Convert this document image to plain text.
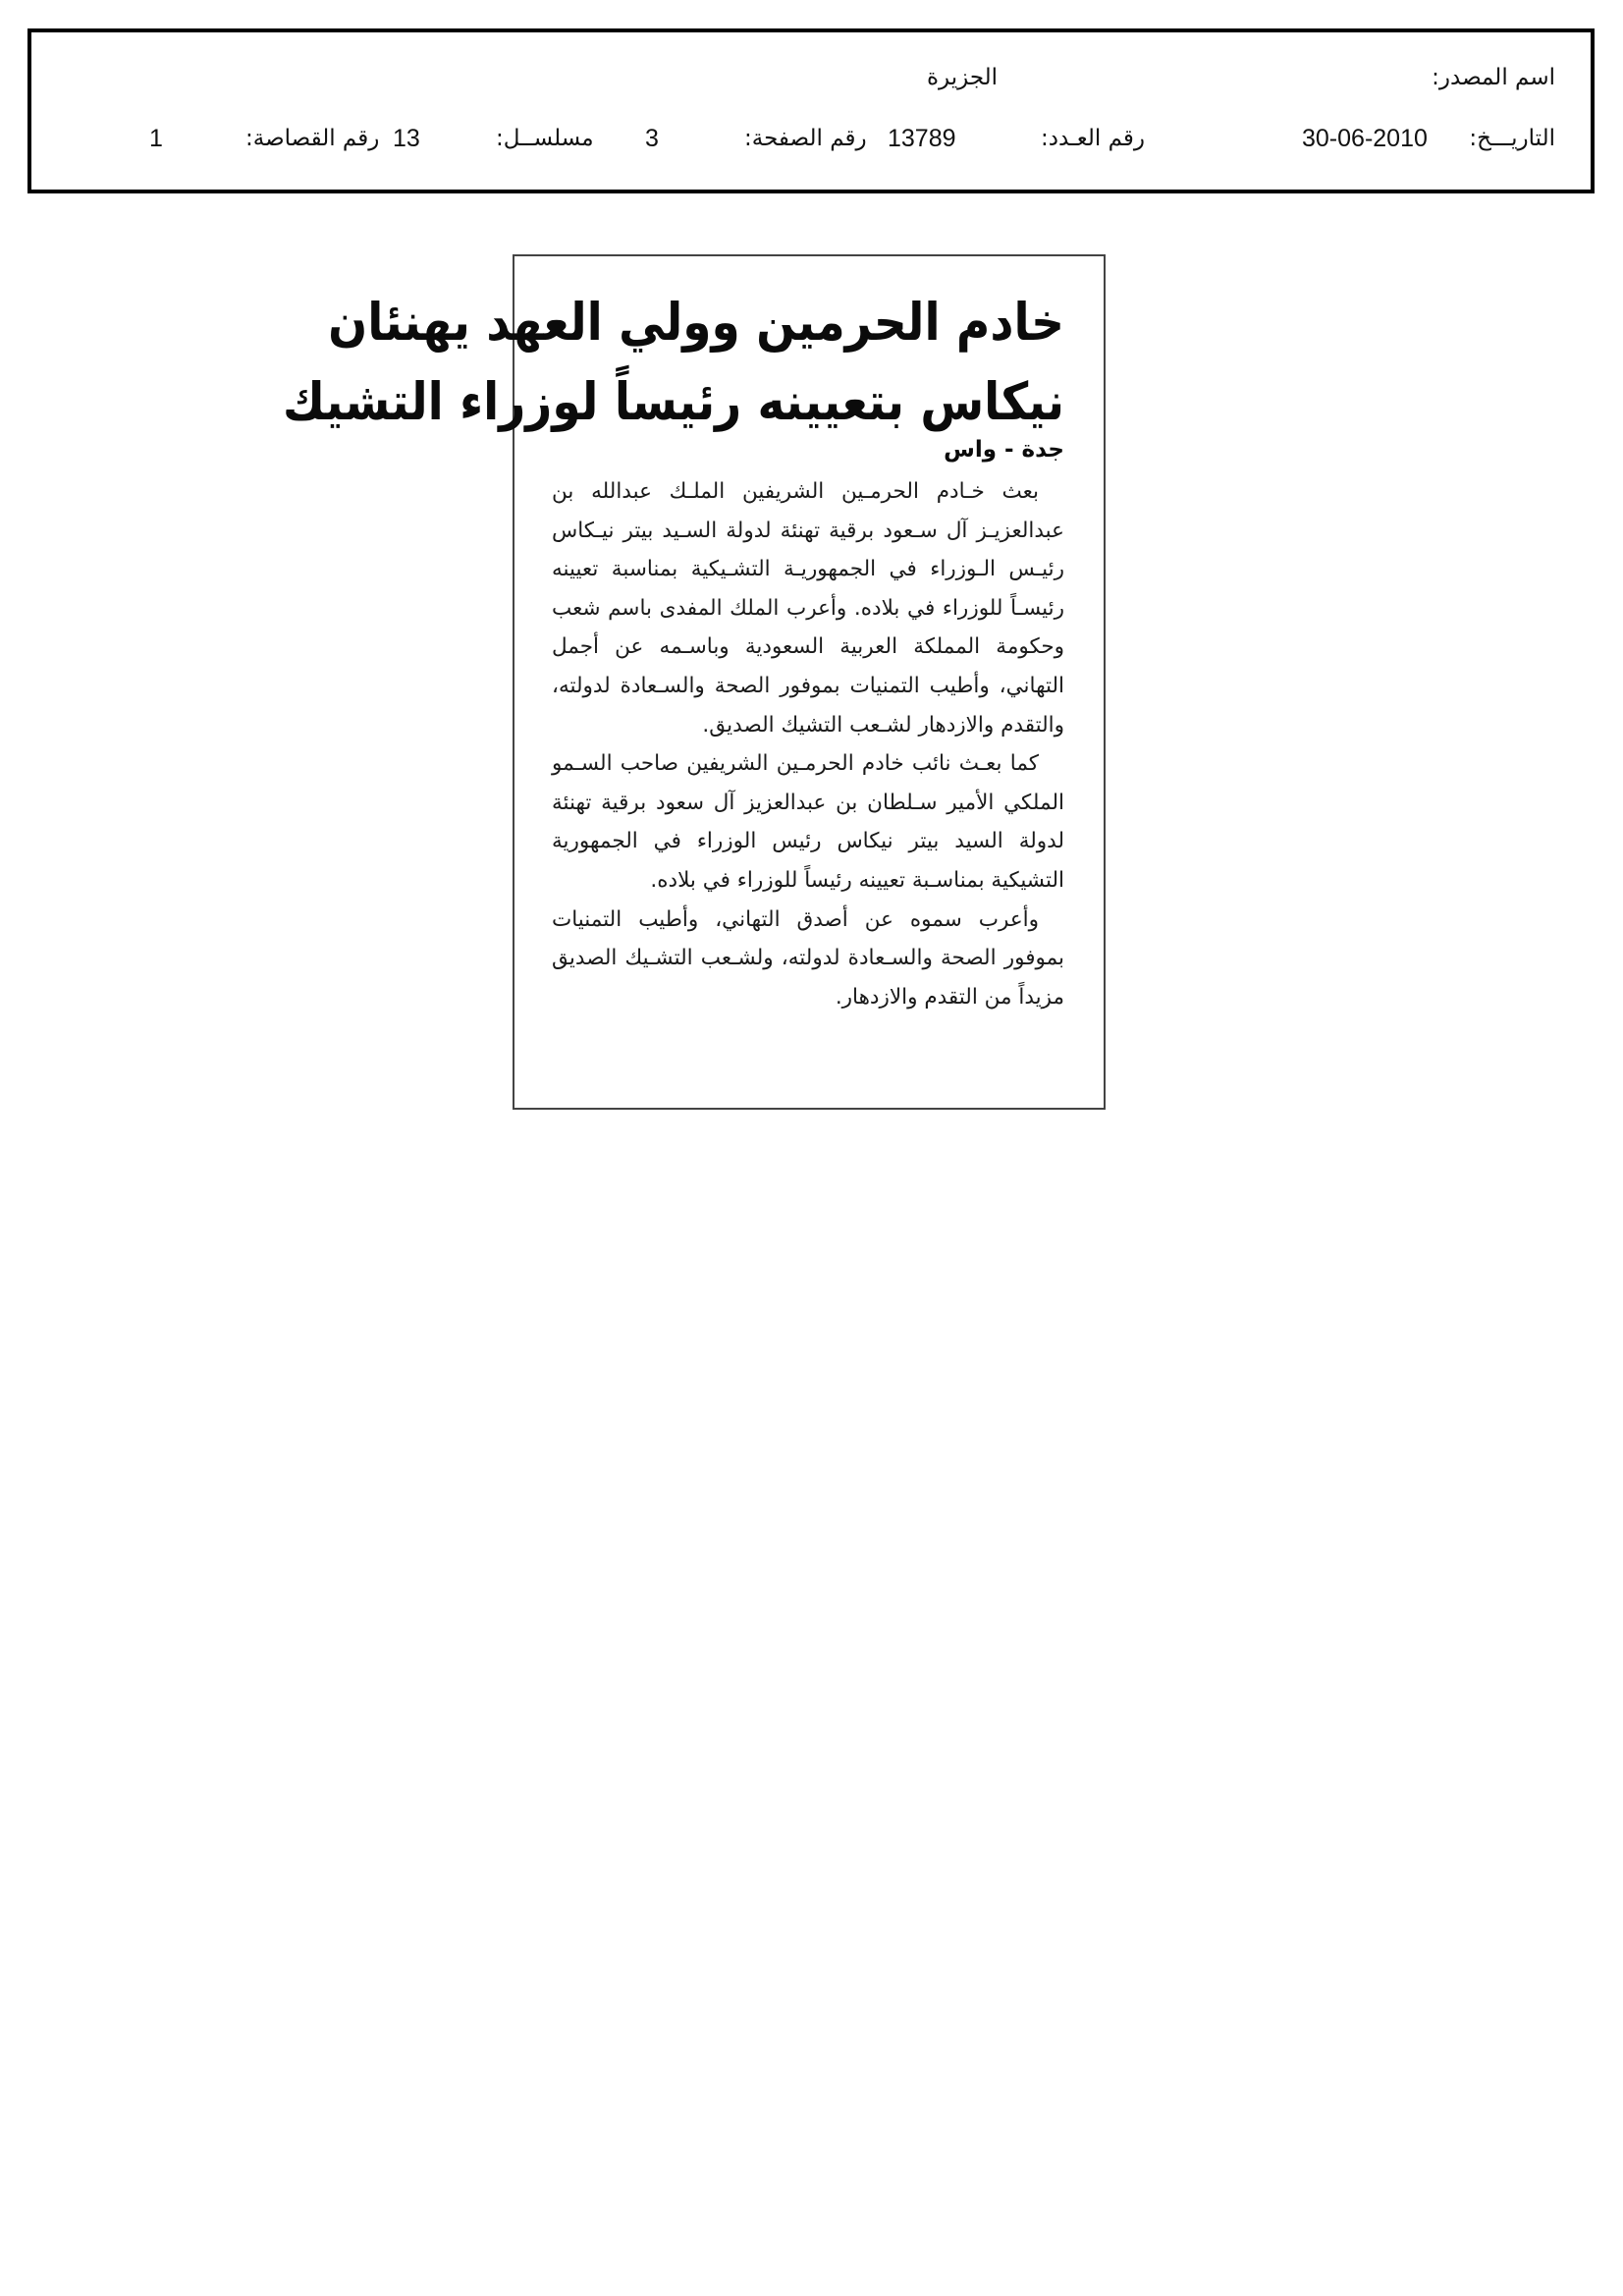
اسم المصدر:
الجزيرة
التاريـــخ:
30-06-2010
رقم العـدد:
13789
رقم الصفحة:
3
مسلســل:
13
رقم القصاصة:
1
خادم الحرمين وولي العهد يهنئان
نيكاس بتعيينه رئيساً لوزراء التشيك
جدة - واس

بعث خـادم الحرمـين الشريفين الملـك عبدالله بن عبدالعزيـز آل سـعود برقية تهنئة لدولة السـيد بيتر نيـكاس رئيـس الـوزراء في الجمهوريـة التشـيكية بمناسبة تعيينه رئيسـاً للوزراء في بلاده. وأعرب الملك المفدى باسم شعب وحكومة المملكة العربية السعودية وباسـمه عن أجمل التهاني، وأطيب التمنيات بموفور الصحة والسـعادة لدولته، والتقدم والازدهار لشـعب التشيك الصديق.

كما بعـث نائب خادم الحرمـين الشريفين صاحب السـمو الملكي الأمير سـلطان بن عبدالعزيز آل سعود برقية تهنئة لدولة السيد بيتر نيكاس رئيس الوزراء في الجمهورية التشيكية بمناسـبة تعيينه رئيساً للوزراء في بلاده.

وأعرب سموه عن أصدق التهاني، وأطيب التمنيات بموفور الصحة والسـعادة لدولته، ولشـعب التشـيك الصديق مزيداً من التقدم والازدهار.
